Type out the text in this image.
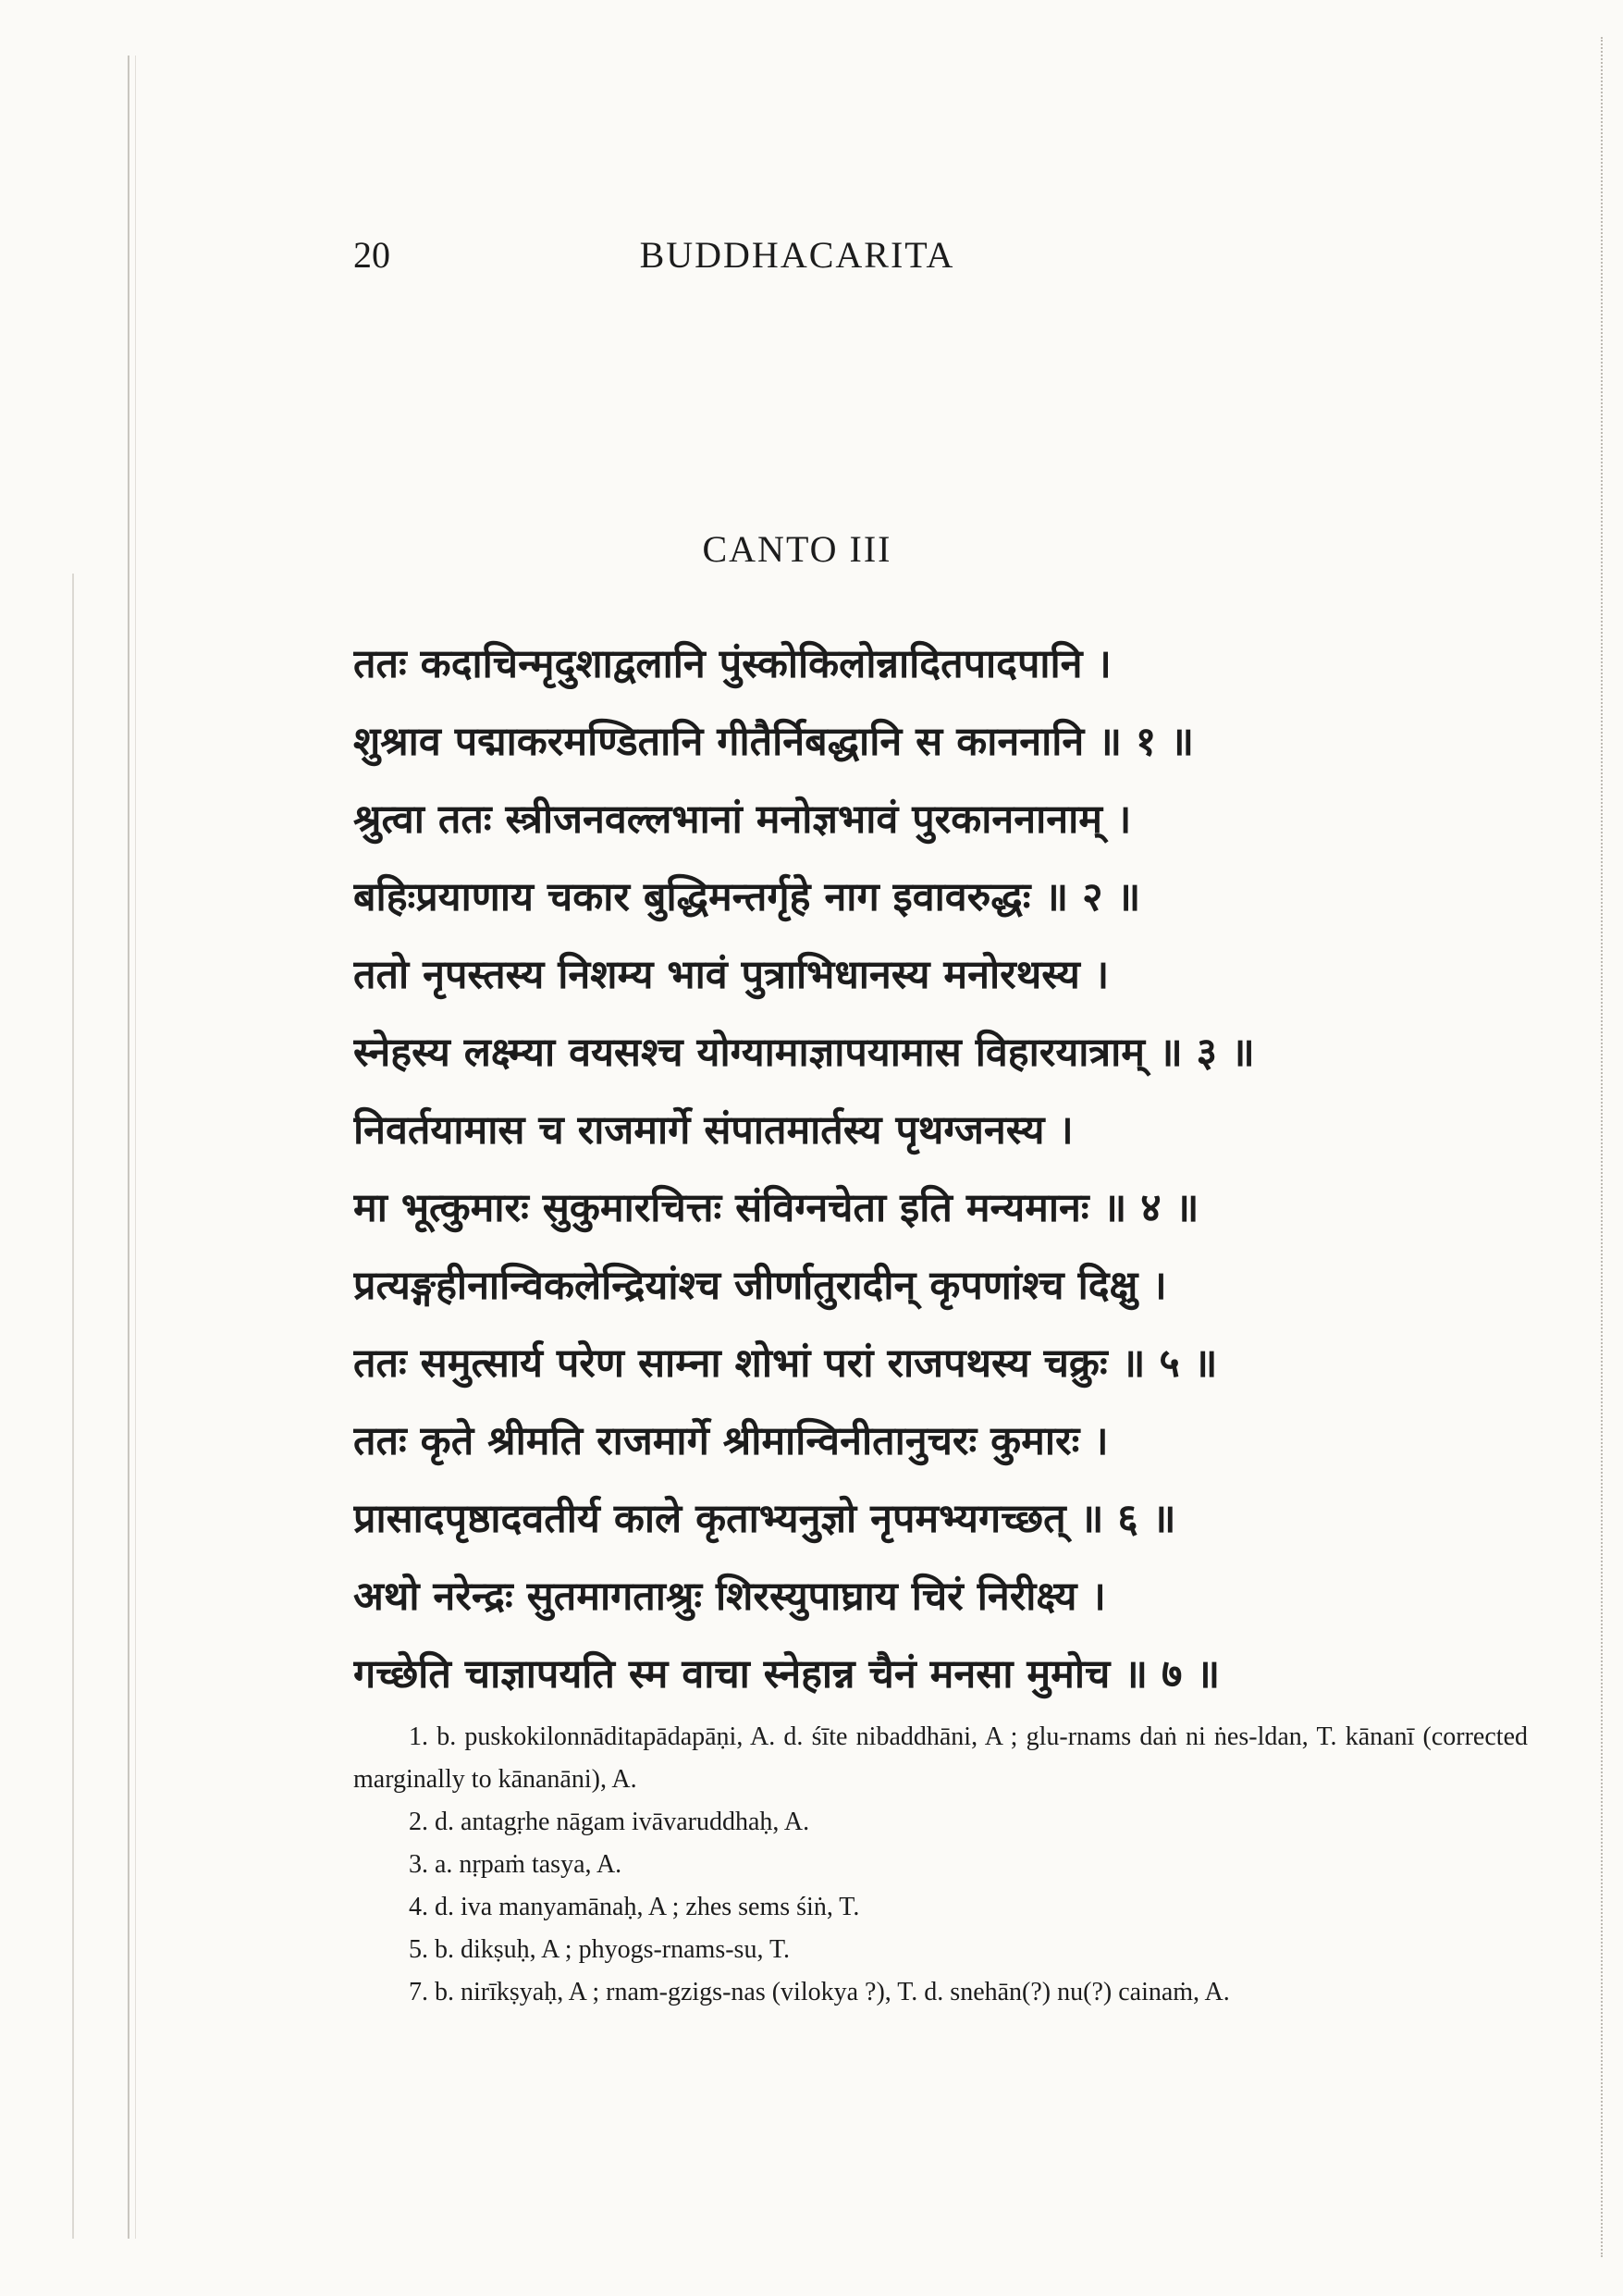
20	BUDDHACARITA
CANTO III
ततः कदाचिन्मृदुशाद्वलानि पुंस्कोकिलोन्नादितपादपानि ।
शुश्राव पद्माकरमण्डितानि गीतैर्निबद्धानि स काननानि ॥ १ ॥
श्रुत्वा ततः स्त्रीजनवल्लभानां मनोज्ञभावं पुरकाननानाम् ।
बहिःप्रयाणाय चकार बुद्धिमन्तर्गृहे नाग इवावरुद्धः ॥ २ ॥
ततो नृपस्तस्य निशम्य भावं पुत्राभिधानस्य मनोरथस्य ।
स्नेहस्य लक्ष्म्या वयसश्च योग्यामाज्ञापयामास विहारयात्राम् ॥ ३ ॥
निवर्तयामास च राजमार्गे संपातमार्तस्य पृथग्जनस्य ।
मा भूत्कुमारः सुकुमारचित्तः संविग्नचेता इति मन्यमानः ॥ ४ ॥
प्रत्यङ्गहीनान्विकलेन्द्रियांश्च जीर्णातुरादीन् कृपणांश्च दिक्षु ।
ततः समुत्सार्य परेण साम्ना शोभां परां राजपथस्य चक्रुः ॥ ५ ॥
ततः कृते श्रीमति राजमार्गे श्रीमान्विनीतानुचरः कुमारः ।
प्रासादपृष्ठादवतीर्य काले कृताभ्यनुज्ञो नृपमभ्यगच्छत् ॥ ६ ॥
अथो नरेन्द्रः सुतमागताश्रुः शिरस्युपाघ्राय चिरं निरीक्ष्य ।
गच्छेति चाज्ञापयति स्म वाचा स्नेहान्न चैनं मनसा मुमोच ॥ ७ ॥

1. b. puskokilonnāditapādapāṇi, A. d. śīte nibaddhāni, A ; glu-rnams daṅ ni ṅes-ldan, T. kānanī (corrected marginally to kānanāni), A.

2. d. antagṛhe nāgam ivāvaruddhaḥ, A.

3. a. nṛpaṁ tasya, A.

4. d. iva manyamānaḥ, A ; zhes sems śiṅ, T.

5. b. dikṣuḥ, A ; phyogs-rnams-su, T.

7. b. nirīkṣyaḥ, A ; rnam-gzigs-nas (vilokya ?), T. d. snehān(?) nu(?) cainaṁ, A.
